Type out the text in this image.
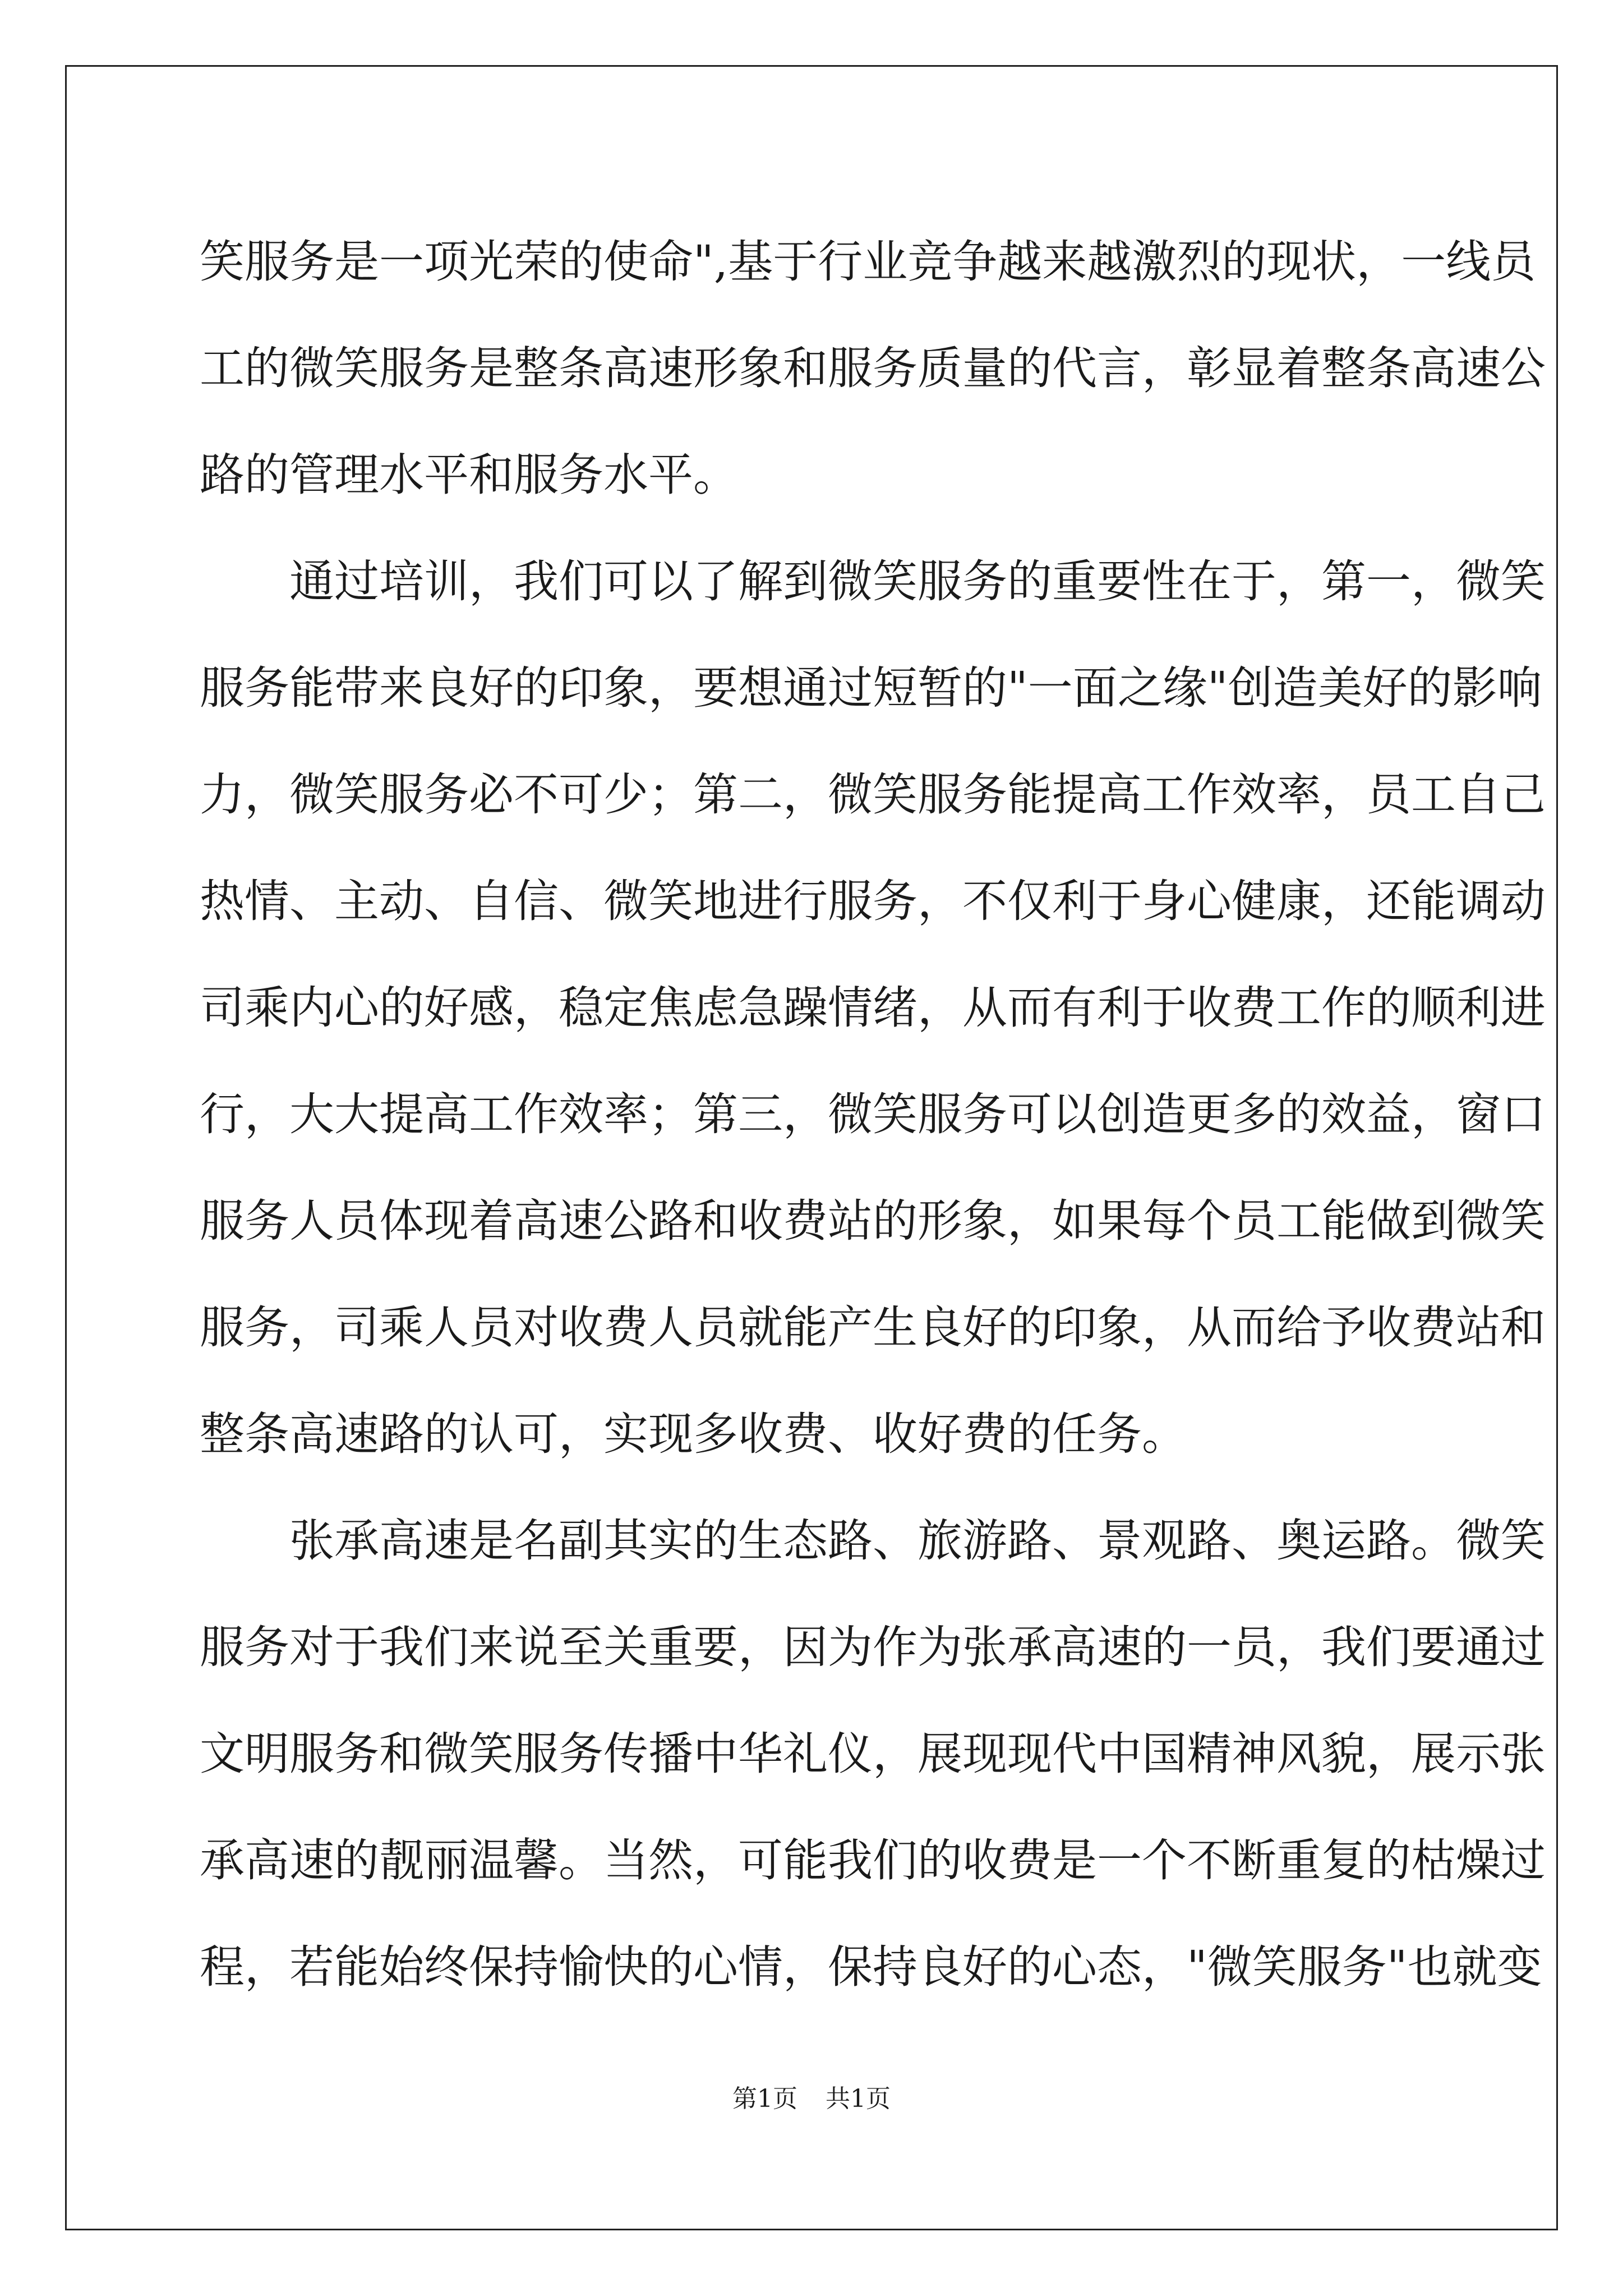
笑服务是一项光荣的使命",基于行业竞争越来越激烈的现状，一线员
工的微笑服务是整条高速形象和服务质量的代言，彰显着整条高速公
路的管理水平和服务水平。
通过培训，我们可以了解到微笑服务的重要性在于，第一，微笑
服务能带来良好的印象，要想通过短暂的"一面之缘"创造美好的影响
力，微笑服务必不可少；第二，微笑服务能提高工作效率，员工自己
热情、主动、自信、微笑地进行服务，不仅利于身心健康，还能调动
司乘内心的好感，稳定焦虑急躁情绪，从而有利于收费工作的顺利进
行，大大提高工作效率；第三，微笑服务可以创造更多的效益，窗口
服务人员体现着高速公路和收费站的形象，如果每个员工能做到微笑
服务，司乘人员对收费人员就能产生良好的印象，从而给予收费站和
整条高速路的认可，实现多收费、收好费的任务。
张承高速是名副其实的生态路、旅游路、景观路、奥运路。微笑
服务对于我们来说至关重要，因为作为张承高速的一员，我们要通过
文明服务和微笑服务传播中华礼仪，展现现代中国精神风貌，展示张
承高速的靓丽温馨。当然，可能我们的收费是一个不断重复的枯燥过
程，若能始终保持愉快的心情，保持良好的心态，"微笑服务"也就变
第1页 共1页
